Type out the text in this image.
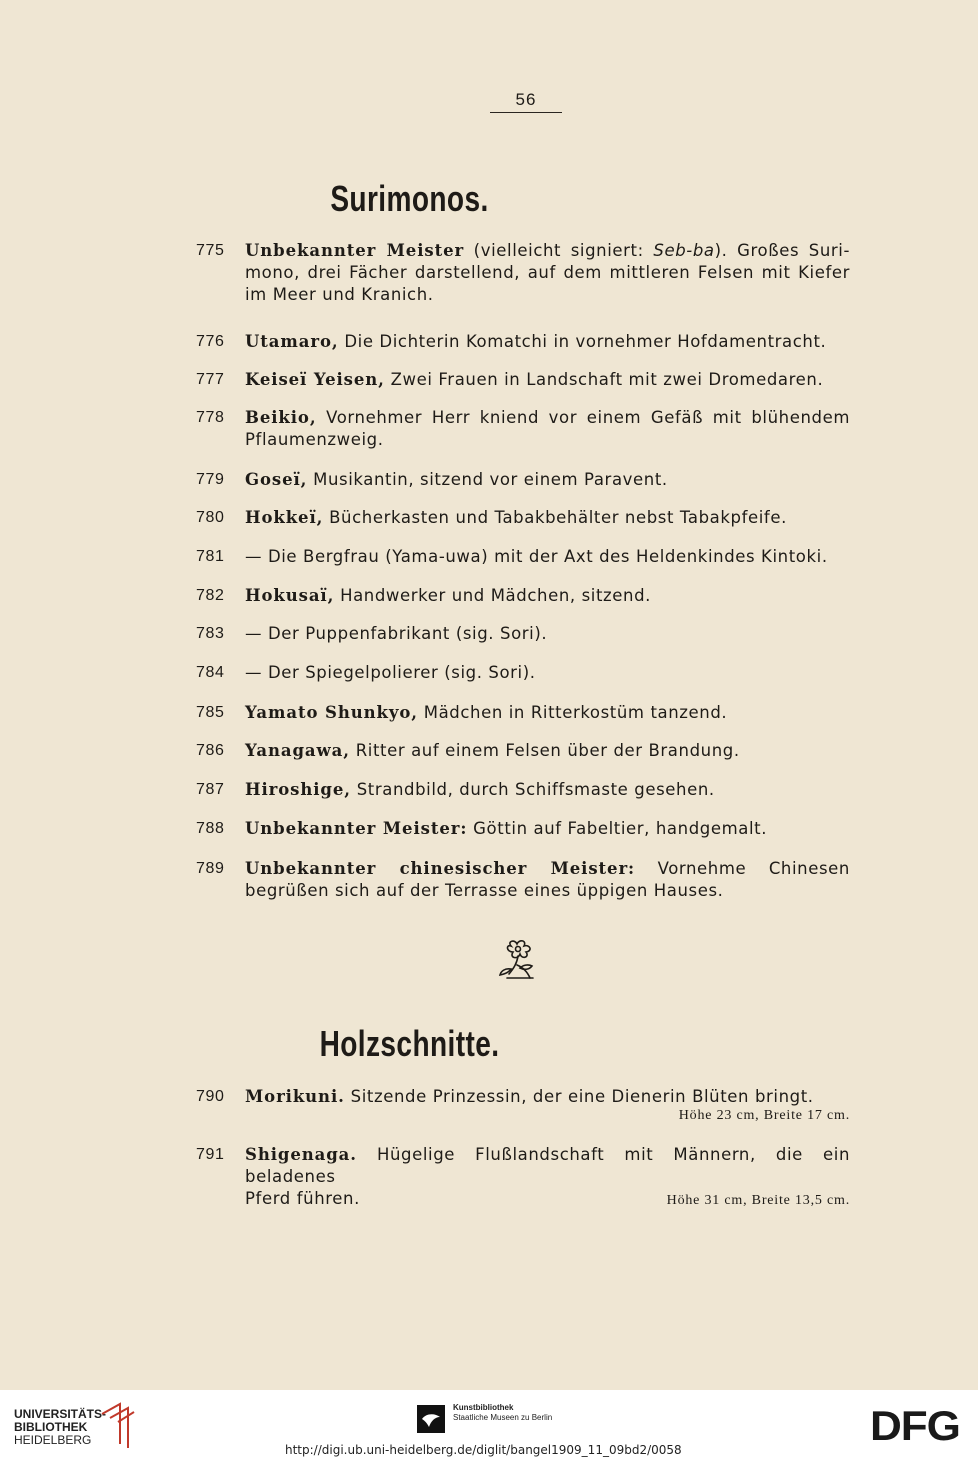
56
Surimonos.
775	Unbekannter Meister (vielleicht signiert: Seb-ba). Großes Suri-mono, drei Fächer darstellend, auf dem mittleren Felsen mit Kiefer im Meer und Kranich.
776	Utamaro, Die Dichterin Komatchi in vornehmer Hofdamentracht.
777	Keiseï Yeisen, Zwei Frauen in Landschaft mit zwei Dromedaren.
778	Beikio, Vornehmer Herr kniend vor einem Gefäß mit blühendem Pflaumenzweig.
779	Goseï, Musikantin, sitzend vor einem Paravent.
780	Hokkeï, Bücherkasten und Tabakbehälter nebst Tabakpfeife.
781	— Die Bergfrau (Yama-uwa) mit der Axt des Heldenkindes Kintoki.
782	Hokusaï, Handwerker und Mädchen, sitzend.
783	— Der Puppenfabrikant (sig. Sori).
784	— Der Spiegelpolierer (sig. Sori).
785	Yamato Shunkyo, Mädchen in Ritterkostüm tanzend.
786	Yanagawa, Ritter auf einem Felsen über der Brandung.
787	Hiroshige, Strandbild, durch Schiffsmaste gesehen.
788	Unbekannter Meister: Göttin auf Fabeltier, handgemalt.
789	Unbekannter chinesischer Meister: Vornehme Chinesen begrüßen sich auf der Terrasse eines üppigen Hauses.
Holzschnitte.
790	Morikuni. Sitzende Prinzessin, der eine Dienerin Blüten bringt.
Höhe 23 cm, Breite 17 cm.
791	Shigenaga. Hügelige Flußlandschaft mit Männern, die ein beladenes
Pferd führen.	Höhe 31 cm, Breite 13,5 cm.
UNIVERSITÄTS-
BIBLIOTHEK
HEIDELBERG
Kunstbibliothek
Staatliche Museen zu Berlin	DFG
http://digi.ub.uni-heidelberg.de/diglit/bangel1909_11_09bd2/0058
